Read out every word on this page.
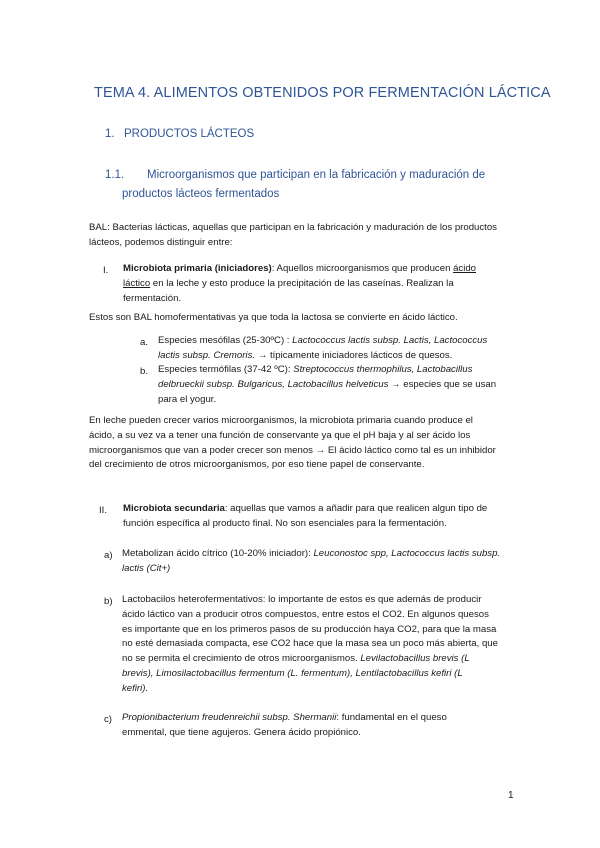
TEMA 4. ALIMENTOS OBTENIDOS POR FERMENTACIÓN LÁCTICA
1. PRODUCTOS LÁCTEOS
1.1. Microorganismos que participan en la fabricación y maduración de
productos lácteos fermentados
BAL: Bacterias lácticas, aquellas que participan en la fabricación y maduración de los productos
lácteos, podemos distinguir entre:
I. Microbiota primaria (iniciadores): Aquellos microorganismos que producen ácido
láctico en la leche y esto produce la precipitación de las caseínas. Realizan la
fermentación.
Estos son BAL homofermentativas ya que toda la lactosa se convierte en ácido láctico.
a. Especies mesófilas (25-30ºC) : Lactococcus lactis subsp. Lactis, Lactococcus
lactis subsp. Cremoris. → típicamente iniciadores lácticos de quesos.
b. Especies termófilas (37-42 ºC): Streptococcus thermophilus, Lactobacillus
delbrueckii subsp. Bulgaricus, Lactobacillus helveticus → especies que se usan
para el yogur.
En leche pueden crecer varios microorganismos, la microbiota primaria cuando produce el
ácido, a su vez va a tener una función de conservante ya que el pH baja y al ser ácido los
microorganismos que van a poder crecer son menos → El ácido láctico como tal es un inhibidor
del crecimiento de otros microorganismos, por eso tiene papel de conservante.
II. Microbiota secundaria: aquellas que vamos a añadir para que realicen algun tipo de
función específica al producto final. No son esenciales para la fermentación.
a) Metabolizan ácido cítrico (10-20% iniciador): Leuconostoc spp, Lactococcus lactis subsp.
lactis (Cit+)
b) Lactobacilos heterofermentativos: lo importante de estos es que además de producir
ácido láctico van a producir otros compuestos, entre estos el CO2. En algunos quesos
es importante que en los primeros pasos de su producción haya CO2, para que la masa
no esté demasiada compacta, ese CO2 hace que la masa sea un poco más abierta, que
no se permita el crecimiento de otros microorganismos. Levilactobacillus brevis (L
brevis), Limosilactobacillus fermentum (L. fermentum), Lentilactobacillus kefiri (L
kefiri).
c) Propionibacterium freudenreichii subsp. Shermanii: fundamental en el queso
emmental, que tiene agujeros. Genera ácido propiónico.
1
